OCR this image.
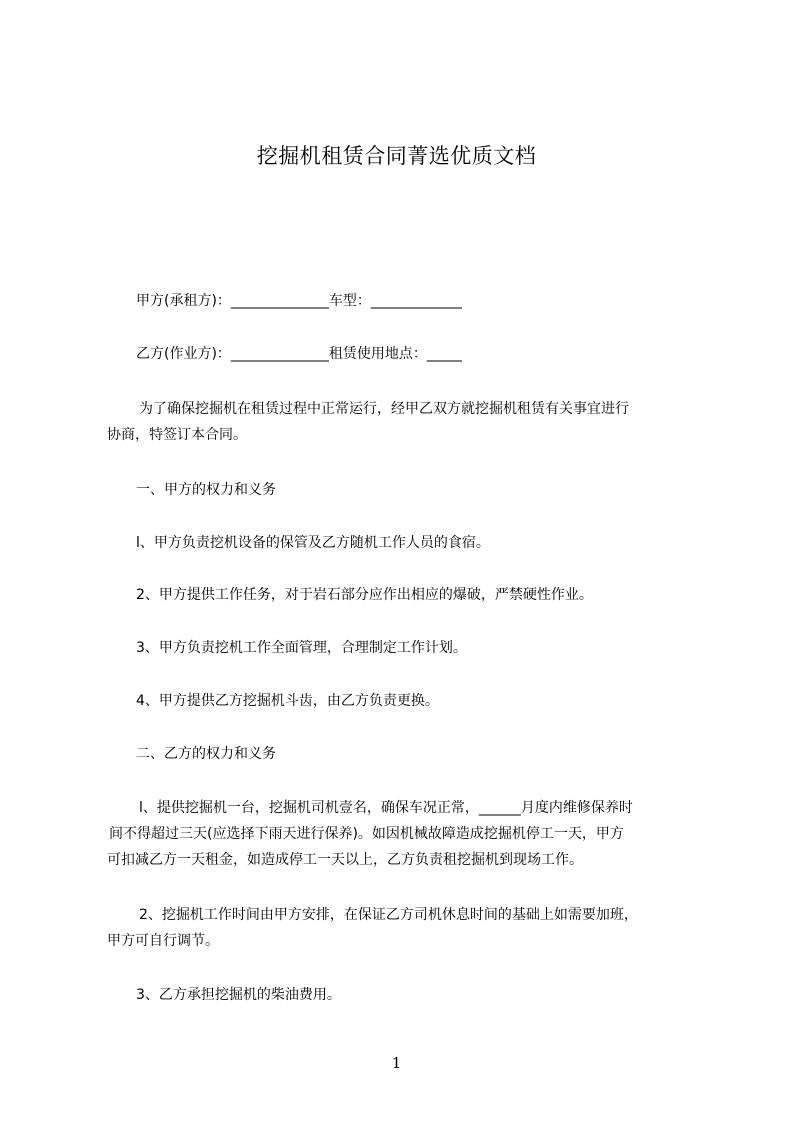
挖掘机租赁合同菁选优质文档
甲方(承租方)：______________车型：_____________
乙方(作业方)：______________租赁使用地点：_____
为了确保挖掘机在租赁过程中正常运行，经甲乙双方就挖掘机租赁有关事宜进行
协商，特签订本合同。
一、甲方的权力和义务
l、甲方负责挖机设备的保管及乙方随机工作人员的食宿。
2、甲方提供工作任务，对于岩石部分应作出相应的爆破，严禁硬性作业。
3、甲方负责挖机工作全面管理，合理制定工作计划。
4、甲方提供乙方挖掘机斗齿，由乙方负责更换。
二、乙方的权力和义务
l、提供挖掘机一台，挖掘机司机壹名，确保车况正常，______月度内维修保养时
间不得超过三天(应选择下雨天进行保养)。如因机械故障造成挖掘机停工一天，甲方
可扣减乙方一天租金，如造成停工一天以上，乙方负责租挖掘机到现场工作。
2、挖掘机工作时间由甲方安排，在保证乙方司机休息时间的基础上如需要加班，
甲方可自行调节。
3、乙方承担挖掘机的柴油费用。
1
